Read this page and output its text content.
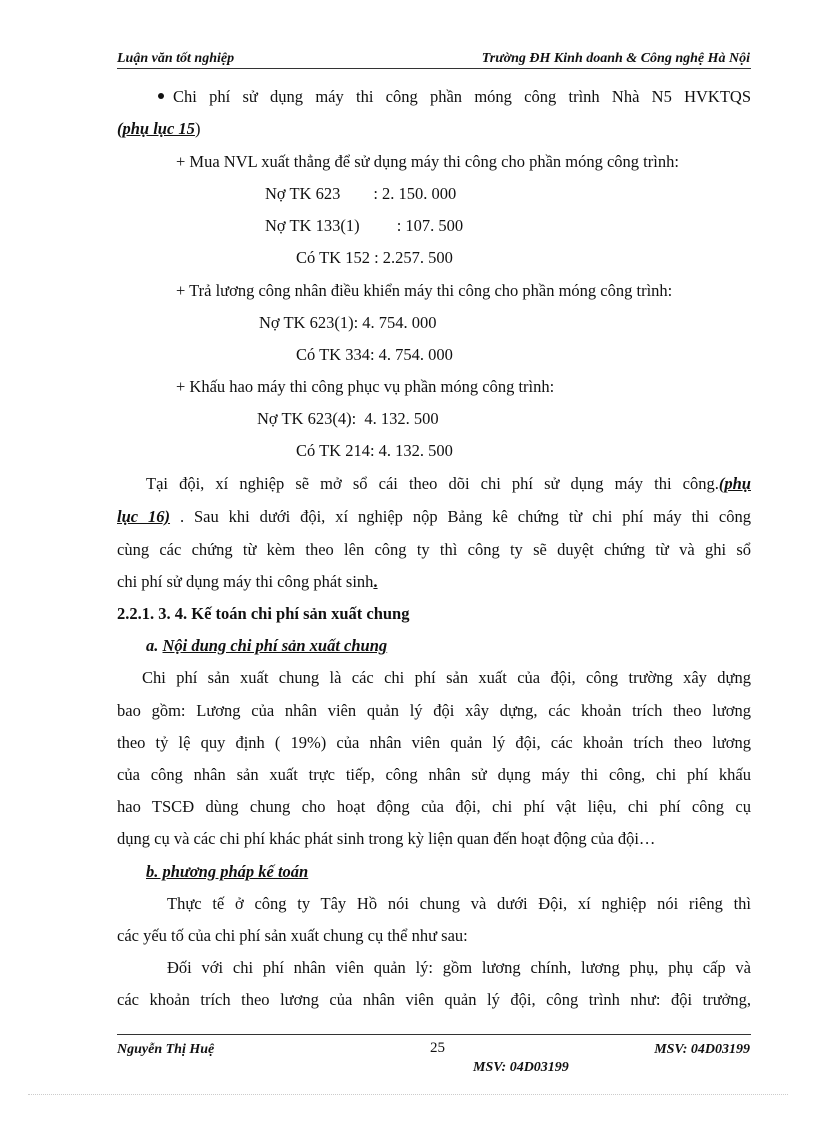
Luận văn tốt nghiệp	Trường ĐH Kinh doanh & Công nghệ Hà Nội
Chi phí sử dụng máy thi công phần móng công trình Nhà N5 HVKTQS
(phụ lục 15)
+ Mua NVL xuất thẳng để sử dụng máy thi công cho phần móng công trình:
Nợ TK 623        : 2. 150. 000
Nợ TK 133(1)         : 107. 500
Có TK 152 : 2.257. 500
+ Trả lương công nhân điều khiển máy thi công cho phần móng công trình:
Nợ TK 623(1): 4. 754. 000
Có TK 334: 4. 754. 000
+ Khấu hao máy thi công phục vụ phần móng công trình:
Nợ TK 623(4):  4. 132. 500
Có TK 214: 4. 132. 500
Tại đội, xí nghiệp sẽ mở sổ cái theo dõi chi phí sử dụng máy thi công.(phụ
lục 16) . Sau khi dưới đội, xí nghiệp nộp Bảng kê chứng từ chi phí máy thi công
cùng các chứng từ kèm theo lên công ty thì công ty sẽ duyệt chứng từ và ghi sổ
chi phí sử dụng máy thi công phát sinh.
2.2.1. 3. 4. Kế toán chi phí sản xuất chung
a. Nội dung chi phí sản xuất chung
Chi phí sản xuất chung là các chi phí sản xuất của đội, công trường xây dựng
bao gồm: Lương của nhân viên quản lý đội xây dựng, các khoản trích theo lương
theo tỷ lệ quy định ( 19%) của nhân viên quản lý đội, các khoản trích theo lương
của công nhân sản xuất trực tiếp, công nhân sử dụng máy thi công, chi phí khấu
hao TSCĐ dùng chung cho hoạt động của đội, chi phí vật liệu, chi phí công cụ
dụng cụ và các chi phí khác phát sinh trong kỳ liện quan đến hoạt động của đội…
b. phương pháp kế toán
Thực tế ở công ty Tây Hồ nói chung và dưới Đội, xí nghiệp nói riêng thì
các yếu tố của chi phí sản xuất chung cụ thể như sau:
Đối với chi phí nhân viên quản lý: gồm lương chính, lương phụ, phụ cấp và
các khoản trích theo lương của nhân viên quản lý đội, công trình như: đội trưởng,
Nguyễn Thị Huệ	25	MSV: 04D03199
MSV: 04D03199
